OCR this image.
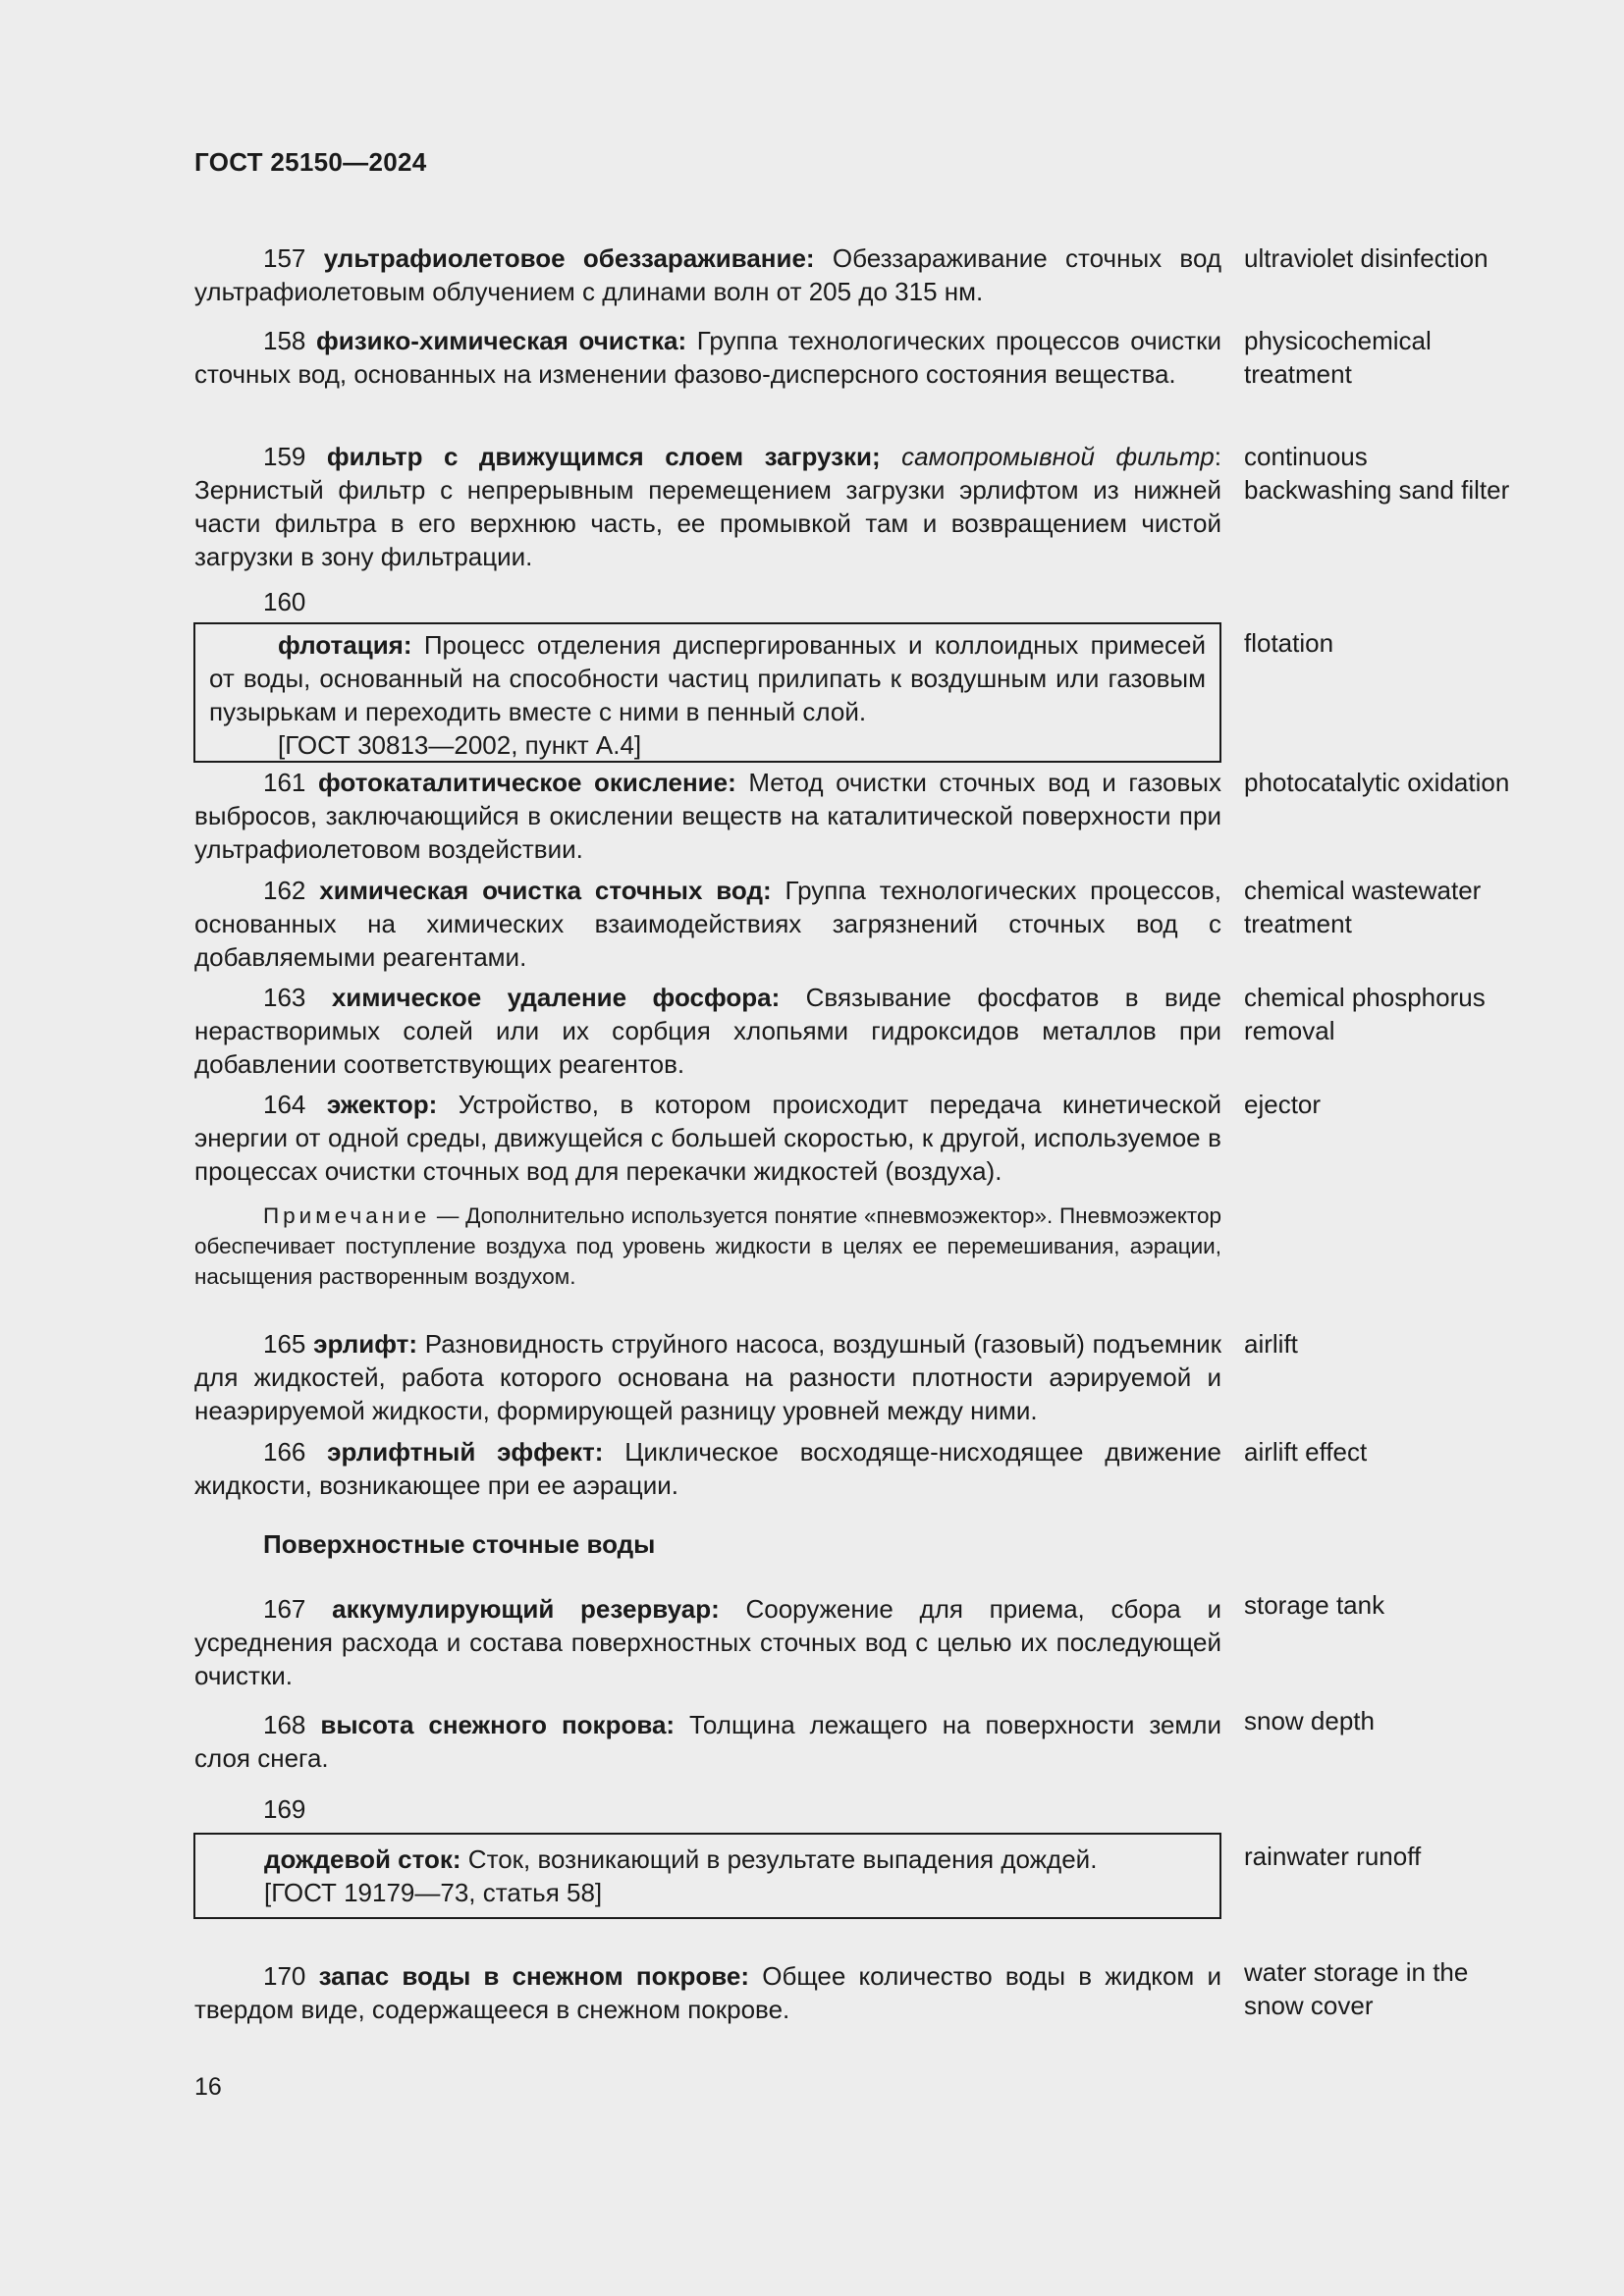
ГОСТ 25150—2024

157 ультрафиолетовое обеззараживание: Обеззараживание сточных вод ультрафиолетовым облучением с длинами волн от 205 до 315 нм.

ultraviolet disinfection

158 физико-химическая очистка: Группа технологических процессов очистки сточных вод, основанных на изменении фазово-дисперсного состояния вещества.

physicochemical treatment

159 фильтр с движущимся слоем загрузки; самопромывной фильтр: Зернистый фильтр с непрерывным перемещением загрузки эрлифтом из нижней части фильтра в его верхнюю часть, ее промывкой там и возвращением чистой загрузки в зону фильтрации.

continuous backwashing sand filter
160

флотация: Процесс отделения диспергированных и коллоидных примесей от воды, основанный на способности частиц прилипать к воздушным или газовым пузырькам и переходить вместе с ними в пенный слой.

[ГОСТ 30813—2002, пункт А.4]
flotation

161 фотокаталитическое окисление: Метод очистки сточных вод и газовых выбросов, заключающийся в окислении веществ на каталитической поверхности при ультрафиолетовом воздействии.

photocatalytic oxidation

162 химическая очистка сточных вод: Группа технологических процессов, основанных на химических взаимодействиях загрязнений сточных вод с добавляемыми реагентами.

chemical wastewater treatment

163 химическое удаление фосфора: Связывание фосфатов в виде нерастворимых солей или их сорбция хлопьями гидроксидов металлов при добавлении соответствующих реагентов.

chemical phosphorus removal

164 эжектор: Устройство, в котором происходит передача кинетической энергии от одной среды, движущейся с большей скоростью, к другой, используемое в процессах очистки сточных вод для перекачки жидкостей (воздуха).

ejector

Примечание — Дополнительно используется понятие «пневмоэжектор». Пневмоэжектор обеспечивает поступление воздуха под уровень жидкости в целях ее перемешивания, аэрации, насыщения растворенным воздухом.

165 эрлифт: Разновидность струйного насоса, воздушный (газовый) подъемник для жидкостей, работа которого основана на разности плотности аэрируемой и неаэрируемой жидкости, формирующей разницу уровней между ними.

airlift

166 эрлифтный эффект: Циклическое восходяще-нисходящее движение жидкости, возникающее при ее аэрации.

airlift effect
Поверхностные сточные воды

167 аккумулирующий резервуар: Сооружение для приема, сбора и усреднения расхода и состава поверхностных сточных вод с целью их последующей очистки.

storage tank

168 высота снежного покрова: Толщина лежащего на поверхности земли слоя снега.

snow depth
169

дождевой сток: Сток, возникающий в результате выпадения дождей.

[ГОСТ 19179—73, статья 58]
rainwater runoff

170 запас воды в снежном покрове: Общее количество воды в жидком и твердом виде, содержащееся в снежном покрове.

water storage in the snow cover
16
